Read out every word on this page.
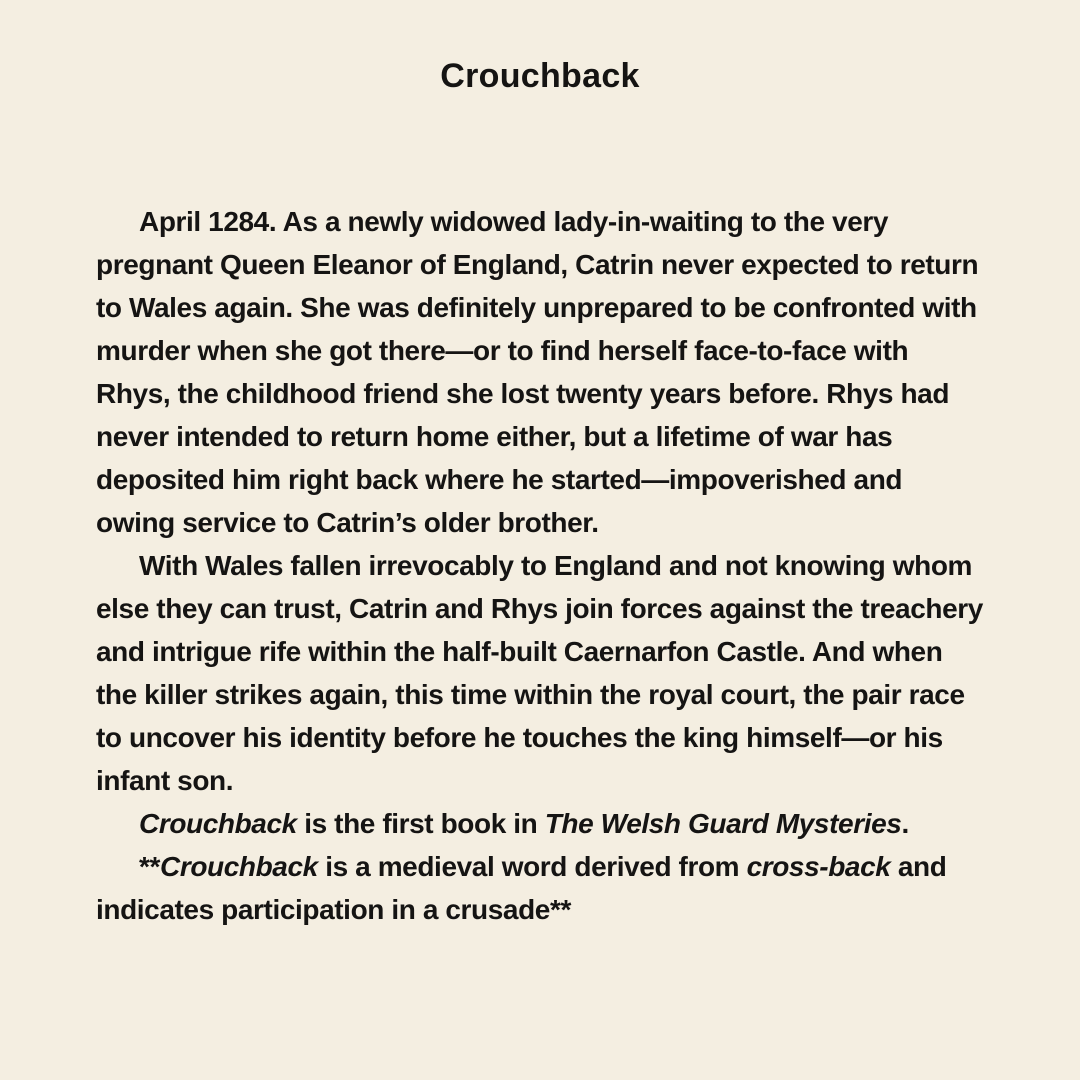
Crouchback

April 1284. As a newly widowed lady-in-waiting to the very pregnant Queen Eleanor of England, Catrin never expected to return to Wales again. She was definitely unprepared to be confronted with murder when she got there—or to find herself face-to-face with Rhys, the childhood friend she lost twenty years before. Rhys had never intended to return home either, but a lifetime of war has deposited him right back where he started—impoverished and owing service to Catrin’s older brother.

With Wales fallen irrevocably to England and not knowing whom else they can trust, Catrin and Rhys join forces against the treachery and intrigue rife within the half-built Caernarfon Castle. And when the killer strikes again, this time within the royal court, the pair race to uncover his identity before he touches the king himself—or his infant son.

Crouchback is the first book in The Welsh Guard Mysteries.

**Crouchback is a medieval word derived from cross-back and indicates participation in a crusade**
